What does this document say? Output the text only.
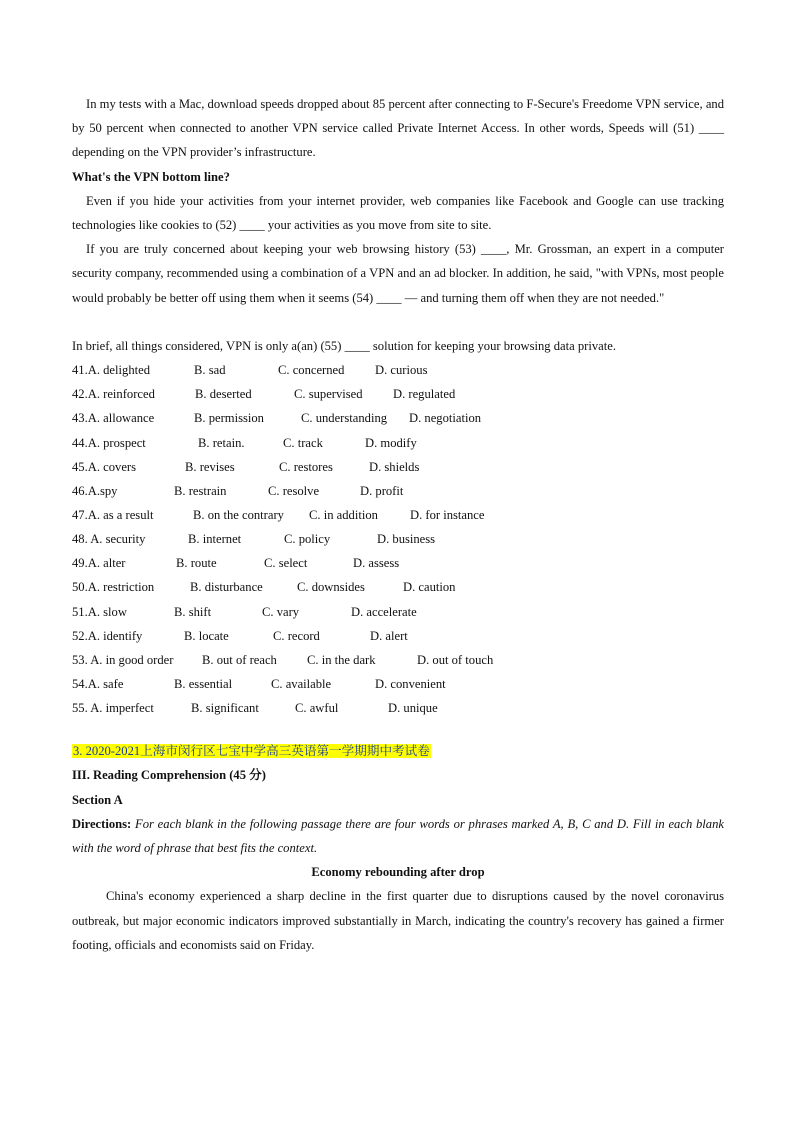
In my tests with a Mac, download speeds dropped about 85 percent after connecting to F-Secure's Freedome VPN service, and by 50 percent when connected to another VPN service called Private Internet Access. In other words, Speeds will (51) ____ depending on the VPN provider’s infrastructure.
What's the VPN bottom line?
Even if you hide your activities from your internet provider, web companies like Facebook and Google can use tracking technologies like cookies to (52) ____ your activities as you move from site to site.
If you are truly concerned about keeping your web browsing history (53) ____, Mr. Grossman, an expert in a computer security company, recommended using a combination of a VPN and an ad blocker. In addition, he said, "with VPNs, most people would probably be better off using them when it seems (54) ____ — and turning them off when they are not needed."
In brief, all things considered, VPN is only a(an) (55) ____ solution for keeping your browsing data private.
41.A. delighted	B. sad	C. concerned D. curious
42.A. reinforced	B. deserted	C. supervised D. regulated
43.A. allowance	B. permission	C. understanding D. negotiation
44.A. prospect	B. retain.	C. track	D. modify
45.A. covers	B. revises	C. restores	D. shields
46.A.spy	B. restrain	C. resolve	D. profit
47.A. as a result	B. on the contrary C. in addition	D. for instance
48. A. security	B. internet	C. policy	D. business
49.A. alter	B. route	C. select	D. assess
50.A. restriction	B. disturbance	C. downsides	D. caution
51.A. slow	B. shift	C. vary	D. accelerate
52.A. identify	B. locate	C. record	D. alert
53. A. in good order B. out of reach C. in the dark	D. out of touch
54.A. safe	B. essential	C. available	D. convenient
55. A. imperfect	B. significant	C. awful	D. unique
3. 2020-2021上海市闵行区七宝中学高三英语第一学期期中考试卷
III. Reading Comprehension (45 分)
Section A
Directions: For each blank in the following passage there are four words or phrases marked A, B, C and D. Fill in each blank with the word of phrase that best fits the context.
Economy rebounding after drop
China's economy experienced a sharp decline in the first quarter due to disruptions caused by the novel coronavirus outbreak, but major economic indicators improved substantially in March, indicating the country's recovery has gained a firmer footing, officials and economists said on Friday.
